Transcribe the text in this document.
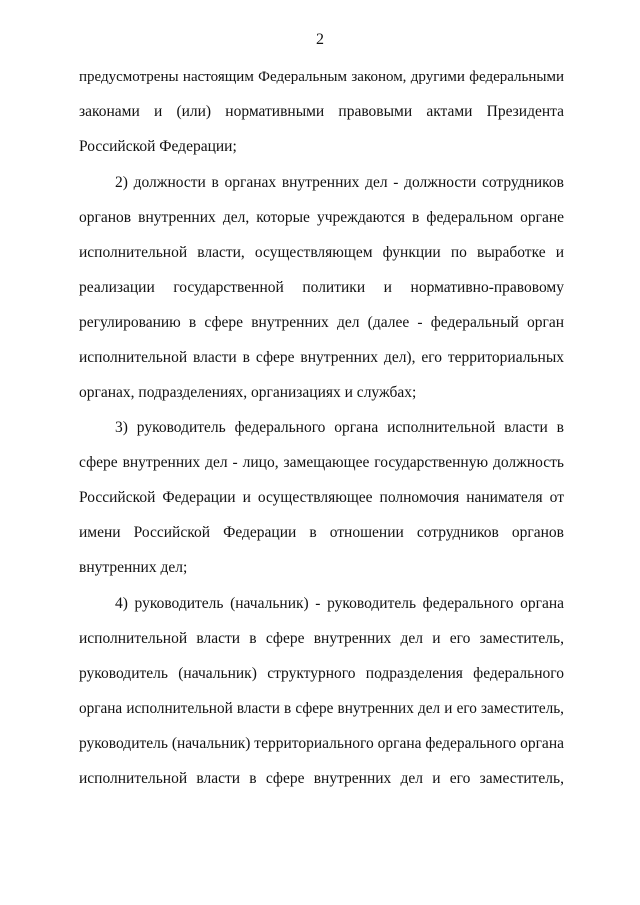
2
предусмотрены настоящим Федеральным законом, другими федеральными
законами и (или) нормативными правовыми актами Президента
Российской Федерации;
2) должности в органах внутренних дел - должности сотрудников
органов внутренних дел, которые учреждаются в федеральном органе
исполнительной власти, осуществляющем функции по выработке и
реализации государственной политики и нормативно-правовому
регулированию в сфере внутренних дел (далее - федеральный орган
исполнительной власти в сфере внутренних дел), его территориальных
органах, подразделениях, организациях и службах;
3) руководитель федерального органа исполнительной власти в
сфере внутренних дел - лицо, замещающее государственную должность
Российской Федерации и осуществляющее полномочия нанимателя от
имени Российской Федерации в отношении сотрудников органов
внутренних дел;
4) руководитель (начальник) - руководитель федерального органа
исполнительной власти в сфере внутренних дел и его заместитель,
руководитель (начальник) структурного подразделения федерального
органа исполнительной власти в сфере внутренних дел и его заместитель,
руководитель (начальник) территориального органа федерального органа
исполнительной власти в сфере внутренних дел и его заместитель,
